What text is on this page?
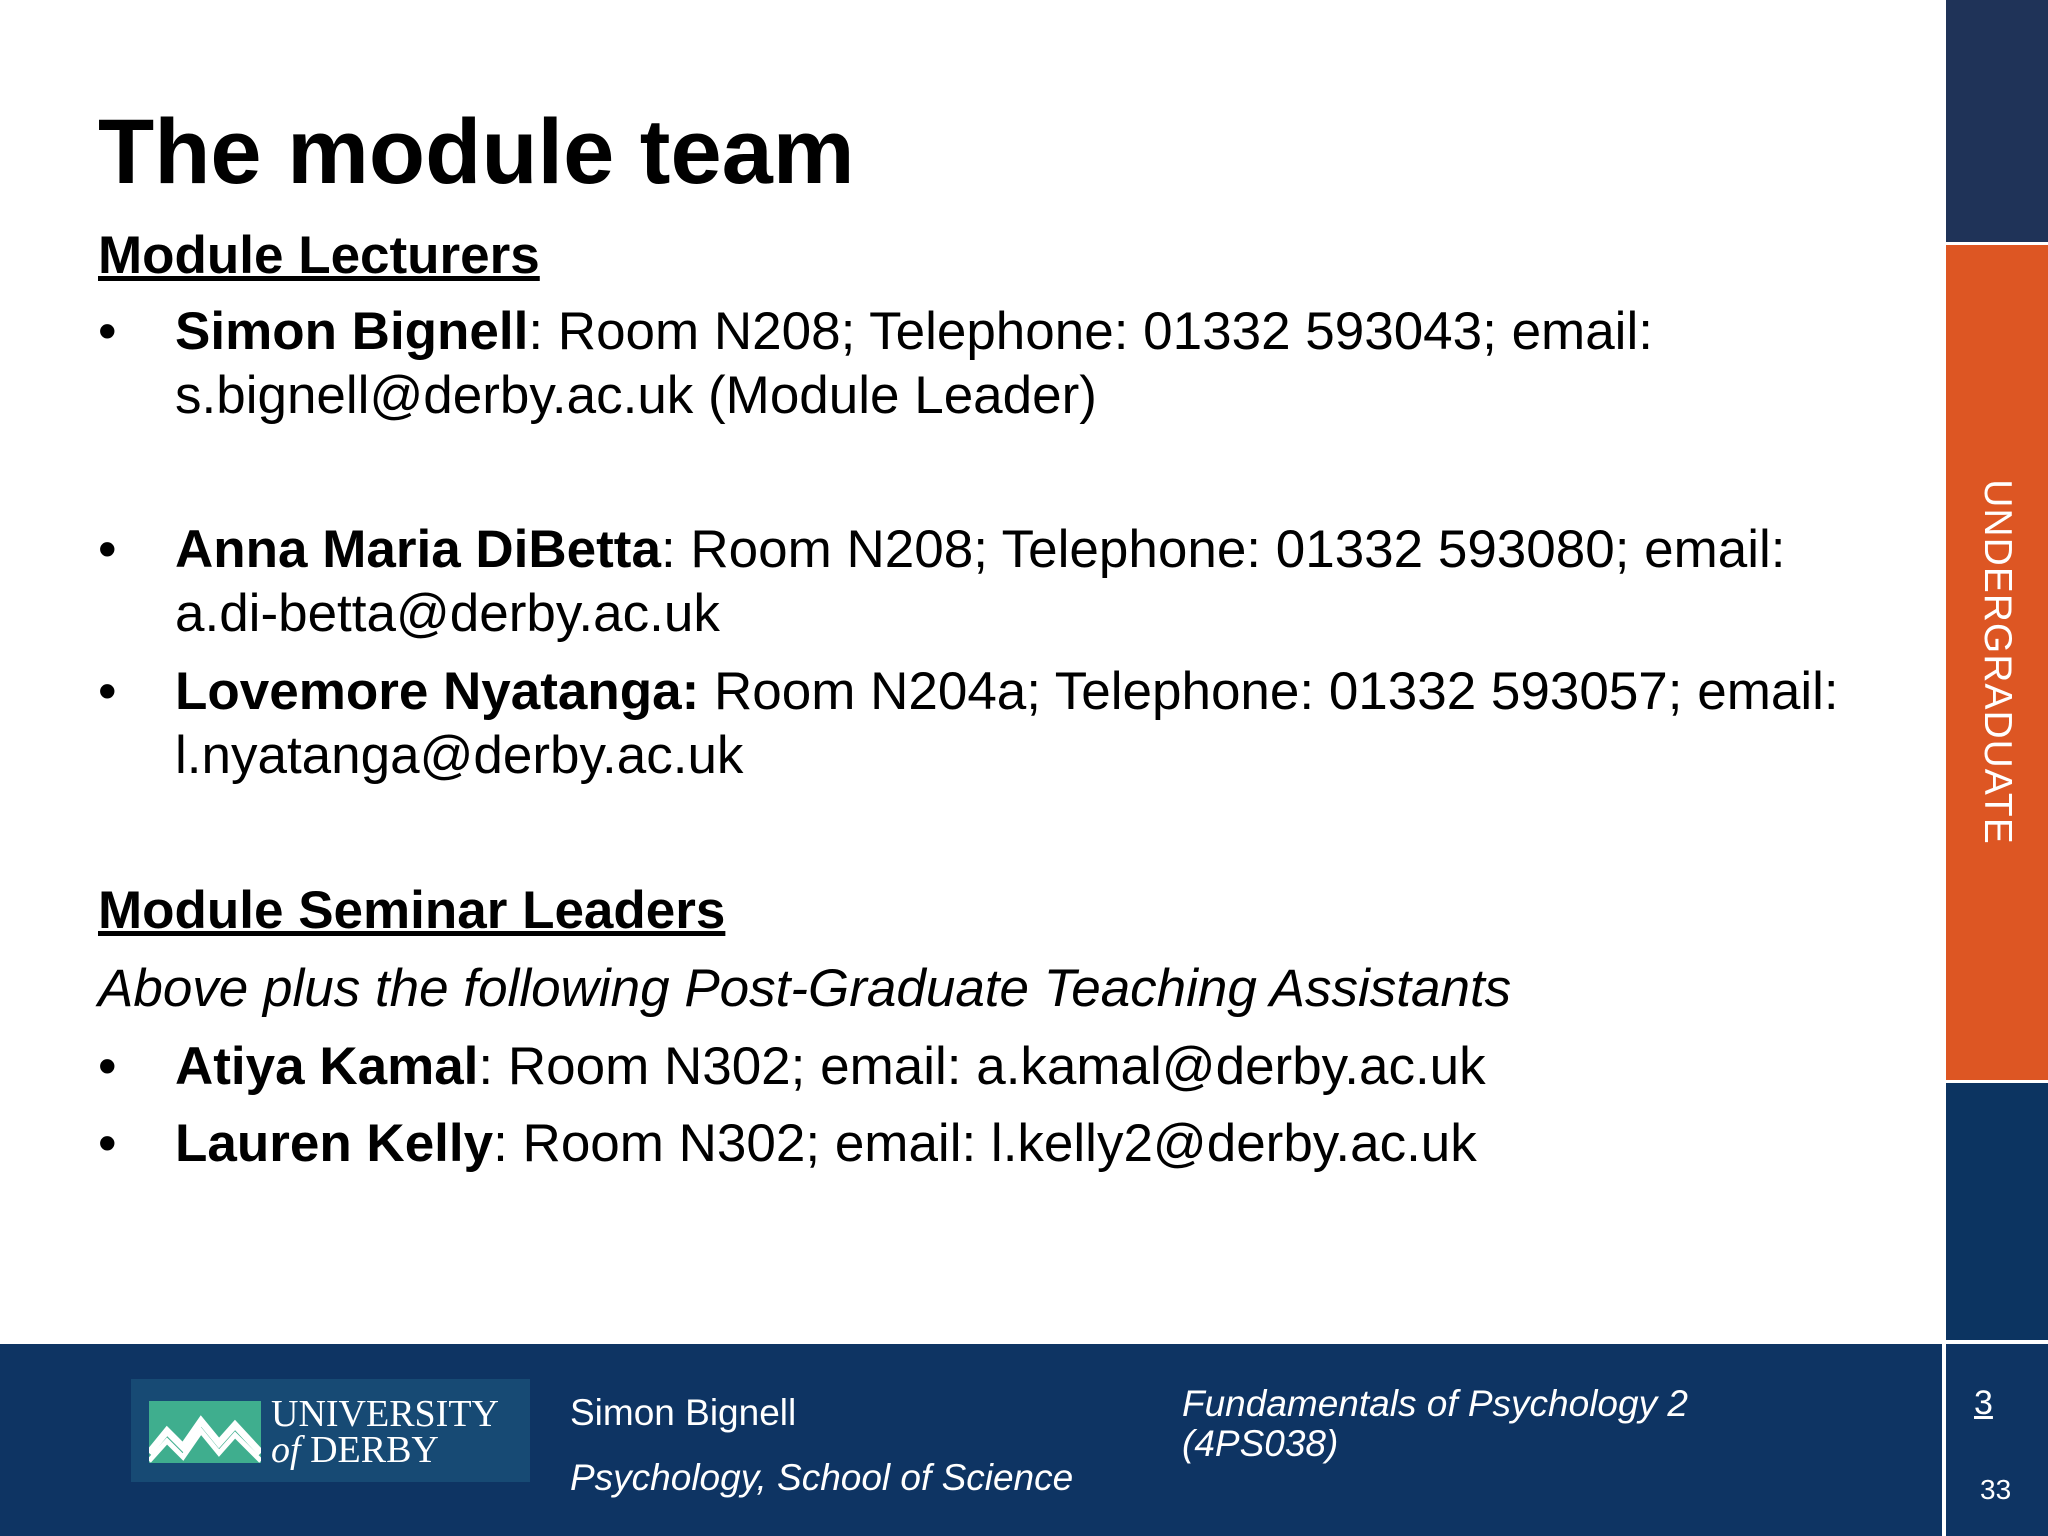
The module team
Module Lecturers
•	Simon Bignell: Room N208; Telephone: 01332 593043; email: s.bignell@derby.ac.uk (Module Leader)
•	Anna Maria DiBetta: Room N208; Telephone: 01332 593080; email: a.di-betta@derby.ac.uk
•	Lovemore Nyatanga: Room N204a; Telephone: 01332 593057; email: l.nyatanga@derby.ac.uk
Module Seminar Leaders
Above plus the following Post-Graduate Teaching Assistants
•	Atiya Kamal: Room N302; email: a.kamal@derby.ac.uk
•	Lauren Kelly: Room N302; email: l.kelly2@derby.ac.uk
UNDERGRADUATE
UNIVERSITY
of DERBY
Simon Bignell
Psychology, School of Science
Fundamentals of Psychology 2 (4PS038)
3
33
